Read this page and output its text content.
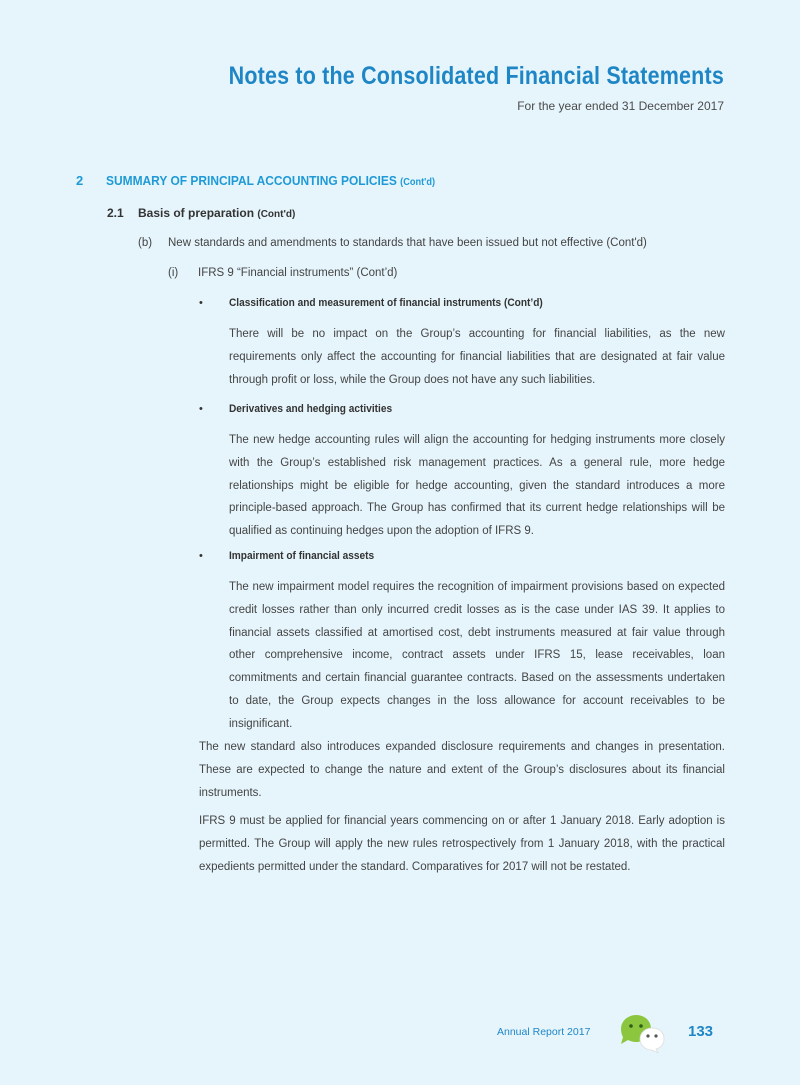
Notes to the Consolidated Financial Statements
For the year ended 31 December 2017
2 SUMMARY OF PRINCIPAL ACCOUNTING POLICIES (Cont'd)
2.1 Basis of preparation (Cont'd)
(b) New standards and amendments to standards that have been issued but not effective (Cont'd)
(i) IFRS 9 “Financial instruments” (Cont’d)
• Classification and measurement of financial instruments (Cont’d)

There will be no impact on the Group’s accounting for financial liabilities, as the new requirements only affect the accounting for financial liabilities that are designated at fair value through profit or loss, while the Group does not have any such liabilities.

• Derivatives and hedging activities

The new hedge accounting rules will align the accounting for hedging instruments more closely with the Group’s established risk management practices. As a general rule, more hedge relationships might be eligible for hedge accounting, given the standard introduces a more principle-based approach. The Group has confirmed that its current hedge relationships will be qualified as continuing hedges upon the adoption of IFRS 9.

• Impairment of financial assets

The new impairment model requires the recognition of impairment provisions based on expected credit losses rather than only incurred credit losses as is the case under IAS 39. It applies to financial assets classified at amortised cost, debt instruments measured at fair value through other comprehensive income, contract assets under IFRS 15, lease receivables, loan commitments and certain financial guarantee contracts. Based on the assessments undertaken to date, the Group expects changes in the loss allowance for account receivables to be insignificant.

The new standard also introduces expanded disclosure requirements and changes in presentation. These are expected to change the nature and extent of the Group’s disclosures about its financial instruments.

IFRS 9 must be applied for financial years commencing on or after 1 January 2018. Early adoption is permitted. The Group will apply the new rules retrospectively from 1 January 2018, with the practical expedients permitted under the standard. Comparatives for 2017 will not be restated.

Annual Report 2017	133
